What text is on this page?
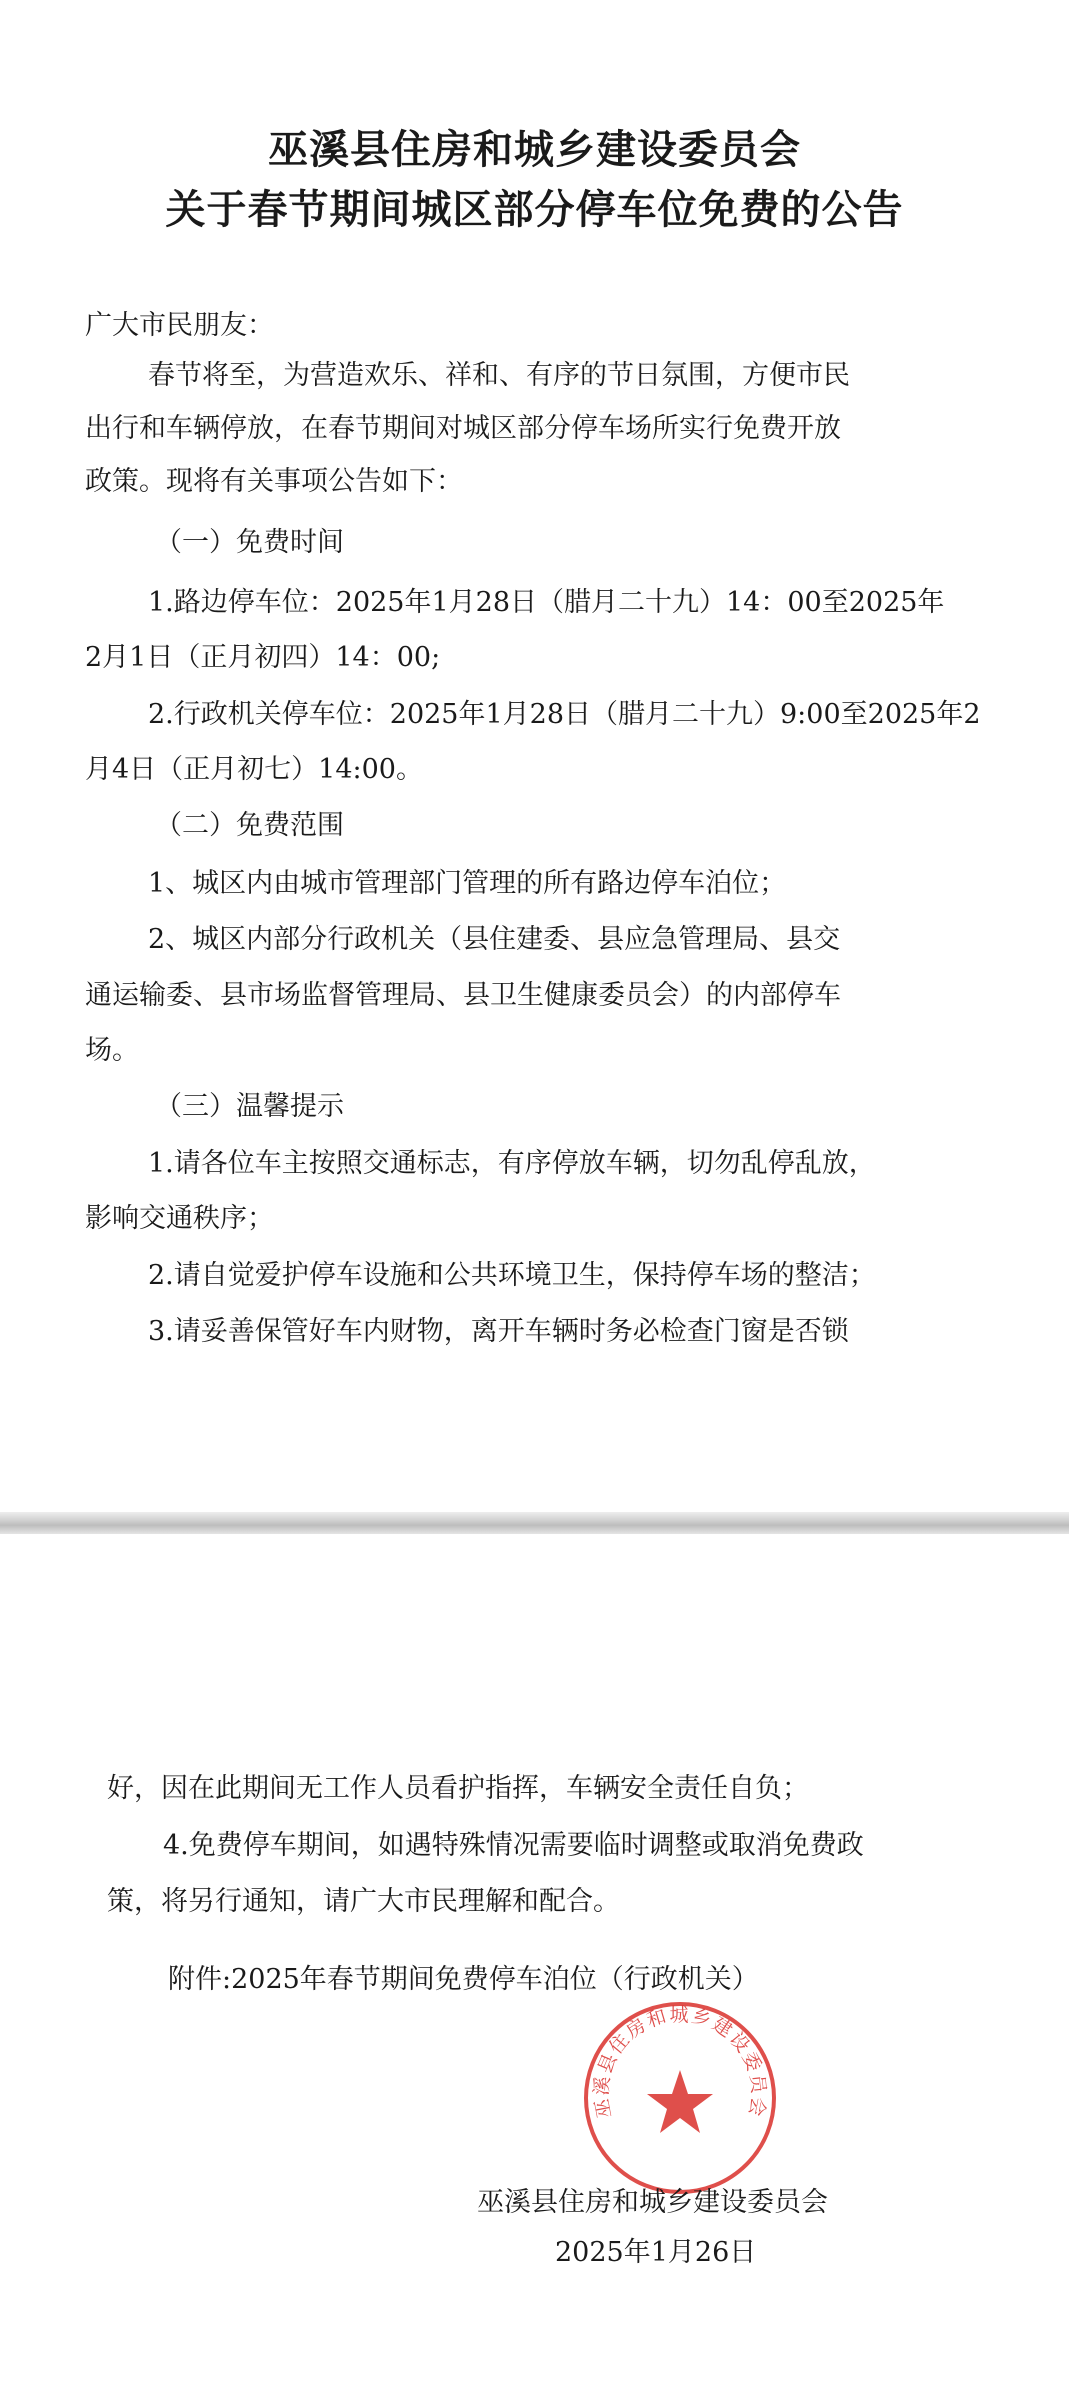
巫溪县住房和城乡建设委员会
关于春节期间城区部分停车位免费的公告
广大市民朋友：
春节将至，为营造欢乐、祥和、有序的节日氛围，方便市民
出行和车辆停放，在春节期间对城区部分停车场所实行免费开放
政策。现将有关事项公告如下：
（一）免费时间
1.路边停车位：2025年1月28日（腊月二十九）14：00至2025年
2月1日（正月初四）14：00;
2.行政机关停车位：2025年1月28日（腊月二十九）9:00至2025年2
月4日（正月初七）14:00。
（二）免费范围
1、城区内由城市管理部门管理的所有路边停车泊位；
2、城区内部分行政机关（县住建委、县应急管理局、县交
通运输委、县市场监督管理局、县卫生健康委员会）的内部停车
场。
（三）温馨提示
1.请各位车主按照交通标志，有序停放车辆，切勿乱停乱放，
影响交通秩序；
2.请自觉爱护停车设施和公共环境卫生，保持停车场的整洁；
3.请妥善保管好车内财物，离开车辆时务必检查门窗是否锁
好，因在此期间无工作人员看护指挥，车辆安全责任自负；
4.免费停车期间，如遇特殊情况需要临时调整或取消免费政
策，将另行通知，请广大市民理解和配合。
附件:2025年春节期间免费停车泊位（行政机关）
巫溪县住房和城乡建设委员会
巫溪县住房和城乡建设委员会
2025年1月26日
